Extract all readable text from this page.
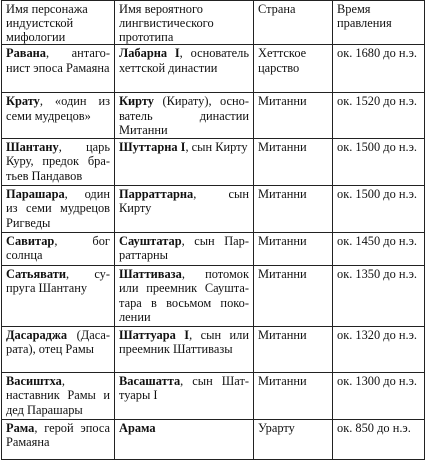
Имя персонажа индуистской мифологии	Имя вероятного лингвистического прототипа	Страна	Время правления
Равана, антагонист эпоса Рамаяна	Лабарна I, основатель хеттской династии	Хеттское царство	ок. 1680 до н.э.
Крату, «один из семи мудрецов»	Кирту (Кирату), основатель династии Митанни	Митанни	ок. 1520 до н.э.
Шантану, царь Куру, предок братьев Пандавов	Шуттарна I, сын Кирту	Митанни	ок. 1500 до н.э.
Парашара, один из семи мудрецов Ригведы	Парраттарна, сын Кирту	Митанни	ок. 1500 до н.э.
Савитар, бог солнца	Сауштатар, сын Парраттарны	Митанни	ок. 1450 до н.э.
Сатьявати, супруга Шантану	Шаттиваза, потомок или преемник Сауштатара в восьмом поколении	Митанни	ок. 1350 до н.э.
Дасараджа (Дасарата), отец Рамы	Шаттуара I, сын или преемник Шаттивазы	Митанни	ок. 1320 до н.э.
Васиштха, наставник Рамы и дед Парашары	Васашатта, сын Шаттуары I	Митанни	ок. 1300 до н.э.
Рама, герой эпоса Рамаяна	Арама	Урарту	ок. 850 до н.э.
